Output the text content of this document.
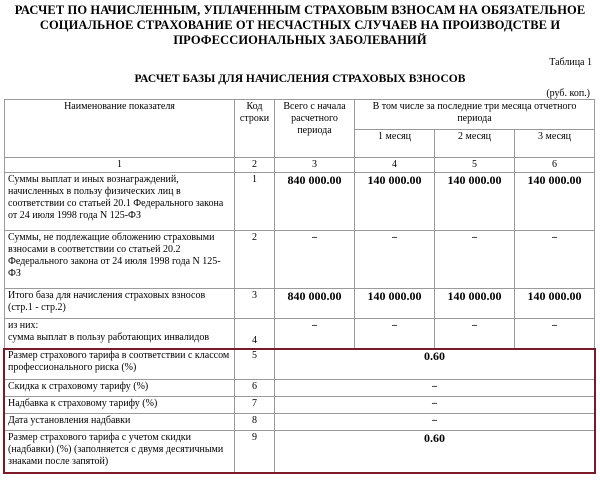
РАСЧЕТ ПО НАЧИСЛЕННЫМ, УПЛАЧЕННЫМ СТРАХОВЫМ ВЗНОСАМ НА ОБЯЗАТЕЛЬНОЕ
СОЦИАЛЬНОЕ СТРАХОВАНИЕ ОТ НЕСЧАСТНЫХ СЛУЧАЕВ НА ПРОИЗВОДСТВЕ И
ПРОФЕССИОНАЛЬНЫХ ЗАБОЛЕВАНИЙ
Таблица 1
РАСЧЕТ БАЗЫ ДЛЯ НАЧИСЛЕНИЯ СТРАХОВЫХ ВЗНОСОВ
(руб. коп.)
Наименование показателя	Код строки	Всего с начала расчетного периода	В том числе за последние три месяца отчетного периода		
			1 месяц	2 месяц	3 месяц
1	2	3	4	5	6
Суммы выплат и иных вознаграждений, начисленных в пользу физических лиц в соответствии со статьей 20.1 Федерального закона от 24 июля 1998 года N 125-ФЗ	1	840 000.00	140 000.00	140 000.00	140 000.00
Суммы, не подлежащие обложению страховыми взносами в соответствии со статьей 20.2 Федерального закона от 24 июля 1998 года N 125-ФЗ	2	–	–	–	–
Итого база для начисления страховых взносов (стр.1 - стр.2)	3	840 000.00	140 000.00	140 000.00	140 000.00

из них:
сумма выплат в пользу работающих инвалидов	4	–	–	–	–
Размер страхового тарифа в соответствии с классом профессионального риска (%)	5	0.60			
Скидка к страховому тарифу (%)	6	–			
Надбавка к страховому тарифу (%)	7	–			
Дата установления надбавки	8	–			
Размер страхового тарифа с учетом скидки (надбавки) (%) (заполняется с двумя десятичными знаками после запятой)	9	0.60			
